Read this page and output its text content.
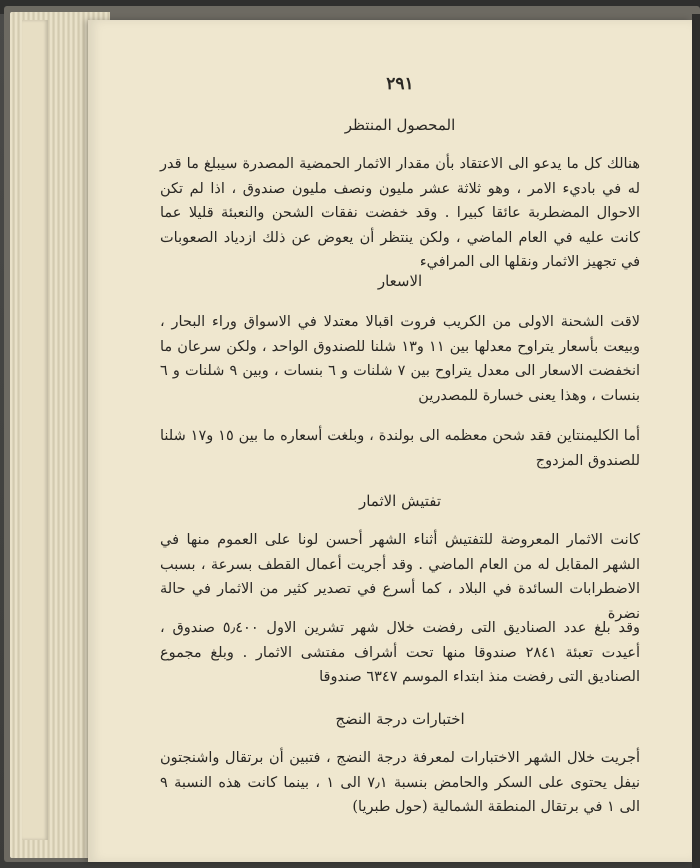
٢٩١
المحصول المنتظر
هنالك كل ما يدعو الى الاعتقاد بأن مقدار الاثمار الحمضية المصدرة سيبلغ ما قدر له في باديء الامر ، وهو ثلاثة عشر مليون ونصف مليون صندوق ، اذا لم تكن الاحوال المضطربة عائقا كبيرا . وقد خفضت نفقات الشحن والنعبئة قليلا عما كانت عليه في العام الماضي ، ولكن ينتظر أن يعوض عن ذلك ازدياد الصعوبات في تجهيز الاثمار ونقلها الى المرافيء
الاسعار
لاقت الشحنة الاولى من الكريب فروت اقبالا معتدلا في الاسواق وراء البحار ، وبيعت بأسعار يتراوح معدلها بين ١١ و١٣ شلنا للصندوق الواحد ، ولكن سرعان ما انخفضت الاسعار الى معدل يتراوح بين ٧ شلنات و ٦ بنسات ، وبين ٩ شلنات و ٦ بنسات ، وهذا يعنى خسارة للمصدرين
أما الكليمنتاين فقد شحن معظمه الى بولندة ، وبلغت أسعاره ما بين ١٥ و١٧ شلنا للصندوق المزدوج
تفتيش الاثمار
كانت الاثمار المعروضة للتفتيش أثناء الشهر أحسن لونا على العموم منها في الشهر المقابل له من العام الماضي . وقد أجريت أعمال القطف بسرعة ، بسبب الاضطرابات السائدة في البلاد ، كما أسرع في تصدير كثير من الاثمار في حالة نضرة
وقد بلغ عدد الصناديق التى رفضت خلال شهر تشرين الاول ٥٫٤٠٠ صندوق ، أعيدت تعبئة ٢٨٤١ صندوقا منها تحت أشراف مفتشى الاثمار . وبلغ مجموع الصناديق التى رفضت منذ ابتداء الموسم ٦٣٤٧ صندوقا
اختبارات درجة النضج
أجريت خلال الشهر الاختبارات لمعرفة درجة النضج ، فتبين أن برتقال واشنجتون نيفل يحتوى على السكر والحامض بنسبة ٧٫١ الى ١ ، بينما كانت هذه النسبة ٩ الى ١ في برتقال المنطقة الشمالية (حول طبريا)
